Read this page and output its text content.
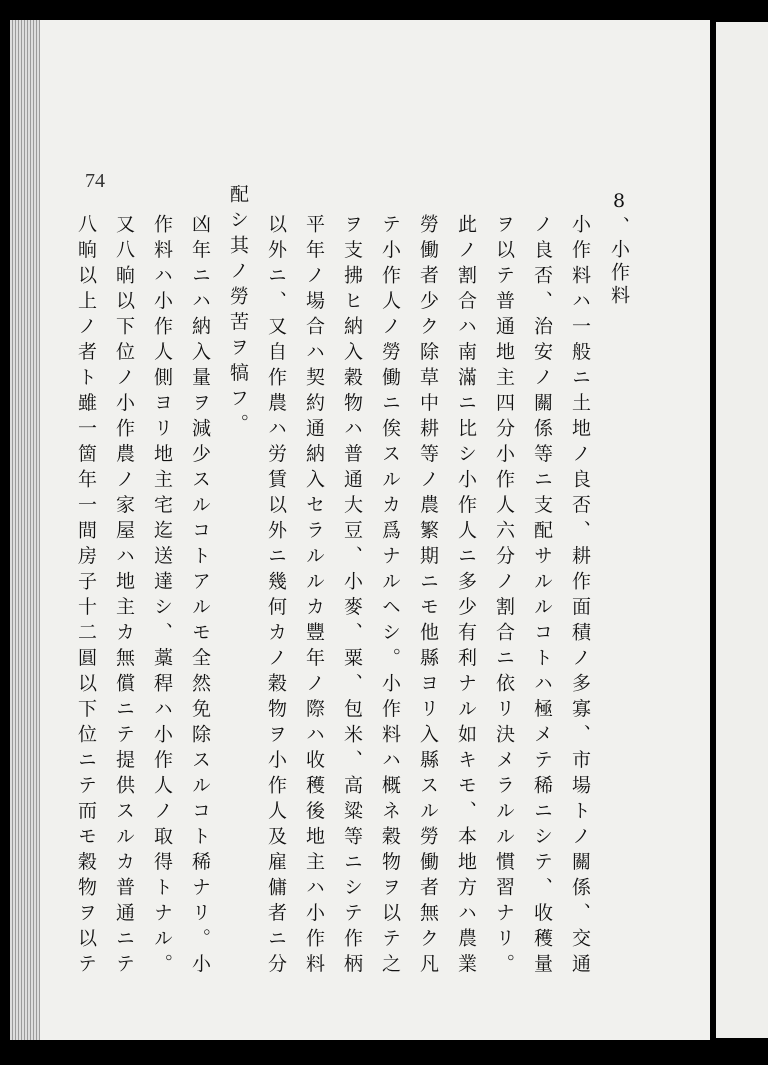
74
8、小作料
小作料ハ一般ニ土地ノ良否、耕作面積ノ多寡、市場トノ關係、交通
ノ良否、治安ノ關係等ニ支配サルルコトハ極メテ稀ニシテ、收穫量
ヲ以テ普通地主四分小作人六分ノ割合ニ依リ決メラルル慣習ナリ。
此ノ割合ハ南滿ニ比シ小作人ニ多少有利ナル如キモ、本地方ハ農業
勞働者少ク除草中耕等ノ農繁期ニモ他縣ヨリ入縣スル勞働者無ク凡
テ小作人ノ勞働ニ俟スルカ爲ナルヘシ。小作料ハ概ネ穀物ヲ以テ之
ヲ支拂ヒ納入穀物ハ普通大豆、小麥、粟、包米、高粱等ニシテ作柄
平年ノ場合ハ契約通納入セラルルカ豐年ノ際ハ收穫後地主ハ小作料
以外ニ、又自作農ハ労賃以外ニ幾何カノ穀物ヲ小作人及雇傭者ニ分
配シ其ノ勞苦ヲ犒フ。
凶年ニハ納入量ヲ減少スルコトアルモ全然免除スルコト稀ナリ。小
作料ハ小作人側ヨリ地主宅迄送達シ、藁稈ハ小作人ノ取得トナル。
又八晌以下位ノ小作農ノ家屋ハ地主カ無償ニテ提供スルカ普通ニテ
八晌以上ノ者ト雖一箇年一間房子十二圓以下位ニテ而モ穀物ヲ以テ
